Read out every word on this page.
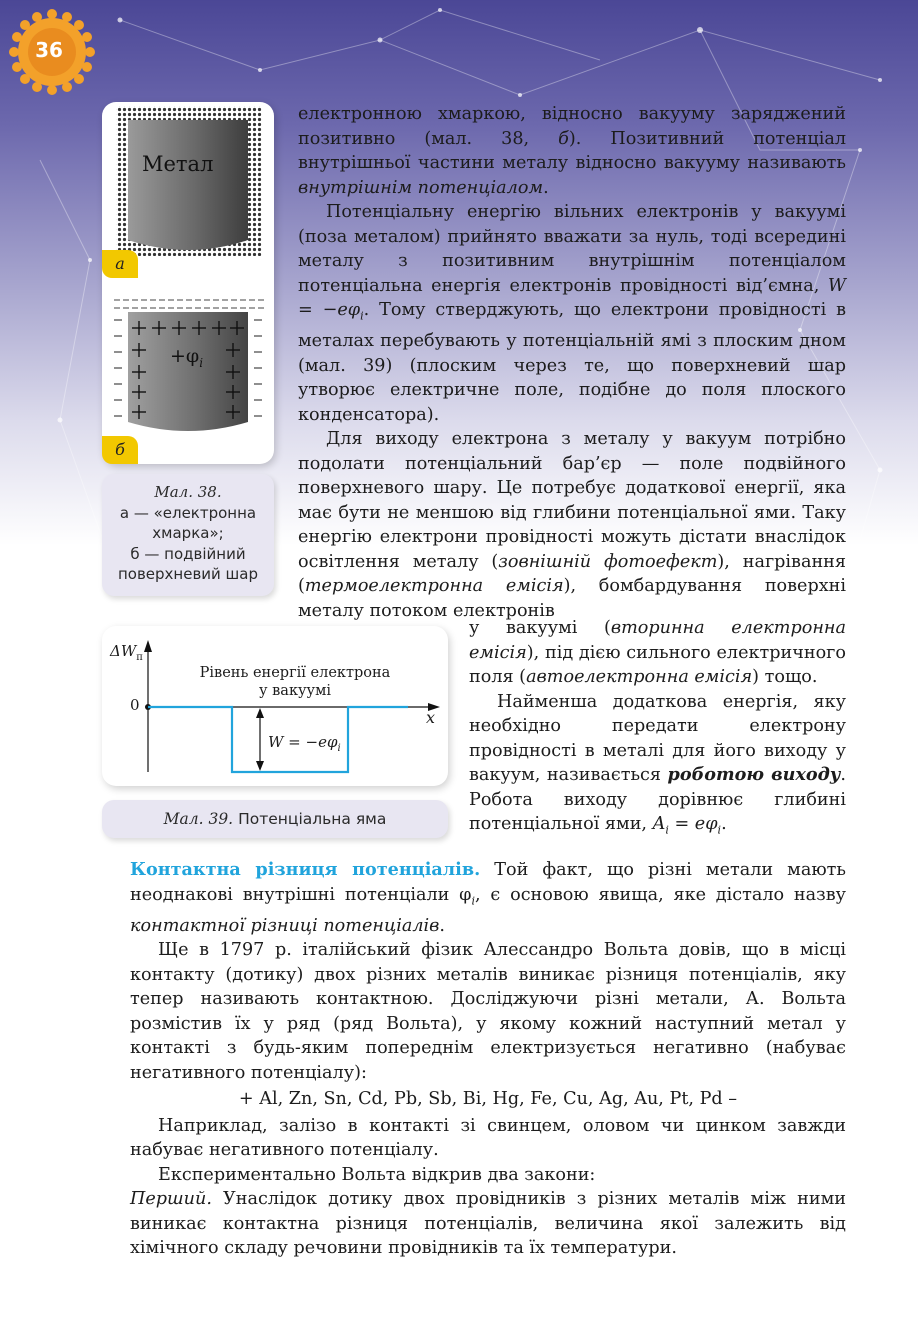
36
Метал
а
$+\varphi_i$
б
Мал. 38.
а — «електронна хмарка»;
б — подвійний поверхневий шар
$\Delta W_п$
0
x
Рівень енергії електрона
у вакуумі
$W = -e\varphi_i$
Мал. 39. Потенціальна яма

електронною хмаркою, відносно вакууму заряджений позитивно (мал. 38, б). Позитивний потенціал внутрішньої частини металу відносно вакууму називають внутрішнім потенціалом.

Потенціальну енергію вільних електронів у вакуумі (поза металом) прийнято вважати за нуль, тоді всередині металу з позитивним внутрішнім потенціалом потенціальна енергія електронів провідності від’ємна, $W = -e\varphi_i$. Тому стверджують, що електрони провідності в металах перебувають у потенціальній ямі з плоским дном (мал. 39) (плоским через те, що поверхневий шар утворює електричне поле, подібне до поля плоского конденсатора).

Для виходу електрона з металу у вакуум потрібно подолати потенціальний бар’єр — поле подвійного поверхневого шару. Це потребує додаткової енергії, яка має бути не меншою від глибини потенціальної ями. Таку енергію електрони провідності можуть дістати внаслідок освітлення металу (зовнішній фотоефект), нагрівання (термоелектронна емісія), бомбардування поверхні металу потоком електронів

у вакуумі (вторинна електронна емісія), під дією сильного електричного поля (автоелектронна емісія) тощо.

Найменша додаткова енергія, яку необхідно передати електрону провідності в металі для його виходу у вакуум, називається роботою виходу. Робота виходу дорівнює глибині потенціальної ями, $A_i = e\varphi_i$.

Контактна різниця потенціалів. Той факт, що різні метали мають неоднакові внутрішні потенціали $\varphi_i$, є основою явища, яке дістало назву контактної різниці потенціалів.

Ще в 1797 р. італійський фізик Алессандро Вольта довів, що в місці контакту (дотику) двох різних металів виникає різниця потенціалів, яку тепер називають контактною. Досліджуючи різні метали, А. Вольта розмістив їх у ряд (ряд Вольта), у якому кожний наступний метал у контакті з будь-яким попереднім електризується негативно (набуває негативного потенціалу):

+ Al, Zn, Sn, Cd, Pb, Sb, Bi, Hg, Fe, Cu, Ag, Au, Pt, Pd –

Наприклад, залізо в контакті зі свинцем, оловом чи цинком завжди набуває негативного потенціалу.

Експериментально Вольта відкрив два закони:

Перший. Унаслідок дотику двох провідників з різних металів між ними виникає контактна різниця потенціалів, величина якої залежить від хімічного складу речовини провідників та їх температури.
